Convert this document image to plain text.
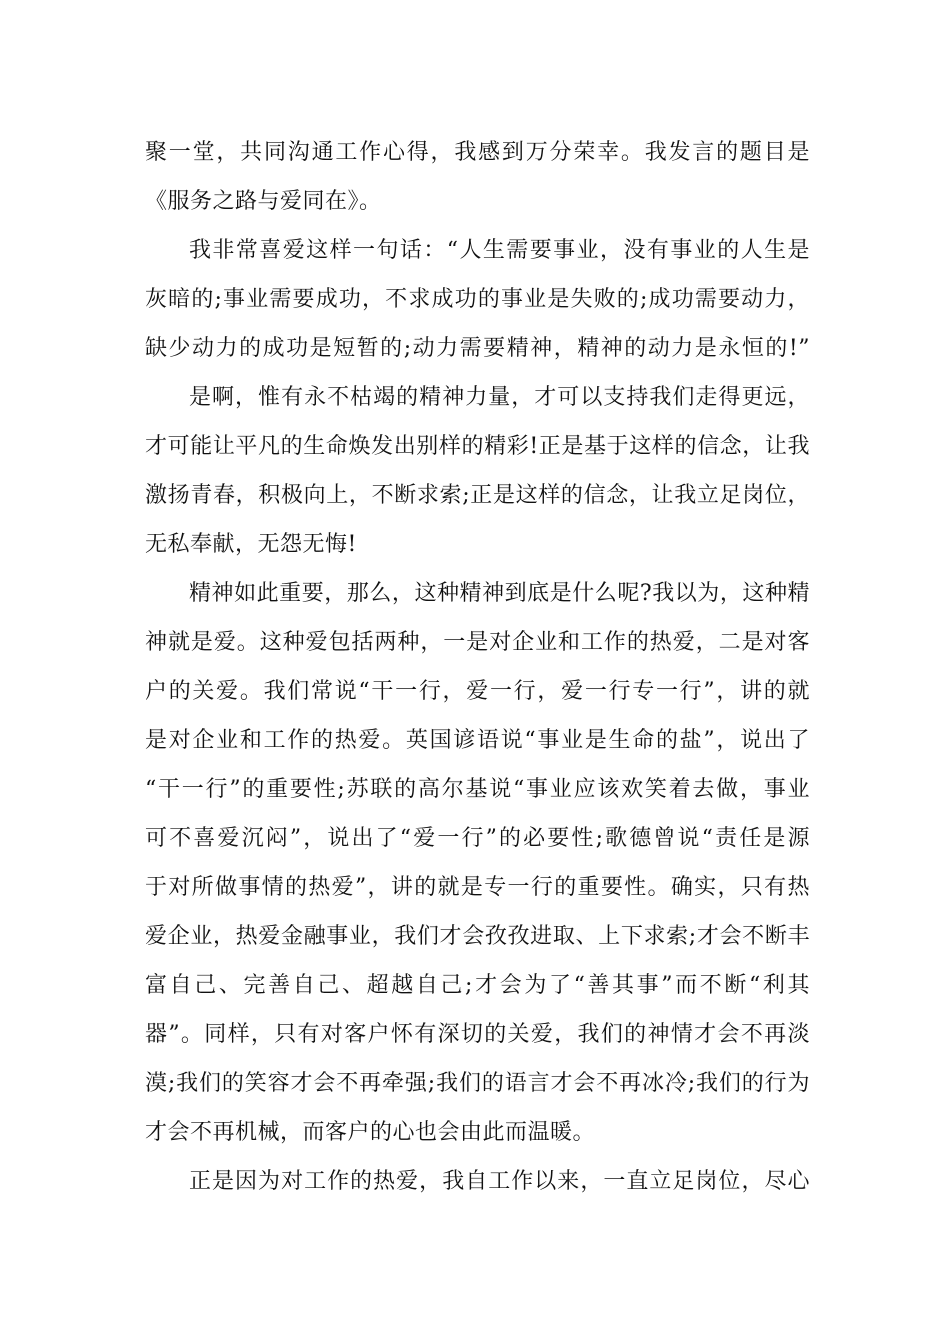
聚一堂，共同沟通工作心得，我感到万分荣幸。我发言的题目是
《服务之路与爱同在》。
我非常喜爱这样一句话：“人生需要事业，没有事业的人生是
灰暗的;事业需要成功，不求成功的事业是失败的;成功需要动力，
缺少动力的成功是短暂的;动力需要精神，精神的动力是永恒的!”
是啊，惟有永不枯竭的精神力量，才可以支持我们走得更远，
才可能让平凡的生命焕发出别样的精彩!正是基于这样的信念，让我
激扬青春，积极向上，不断求索;正是这样的信念，让我立足岗位，
无私奉献，无怨无悔!
精神如此重要，那么，这种精神到底是什么呢?我以为，这种精
神就是爱。这种爱包括两种，一是对企业和工作的热爱，二是对客
户的关爱。我们常说“干一行，爱一行，爱一行专一行”，讲的就
是对企业和工作的热爱。英国谚语说“事业是生命的盐”，说出了
“干一行”的重要性;苏联的高尔基说“事业应该欢笑着去做，事业
可不喜爱沉闷”，说出了“爱一行”的必要性;歌德曾说“责任是源
于对所做事情的热爱”，讲的就是专一行的重要性。确实，只有热
爱企业，热爱金融事业，我们才会孜孜进取、上下求索;才会不断丰
富自己、完善自己、超越自己;才会为了“善其事”而不断“利其
器”。同样，只有对客户怀有深切的关爱，我们的神情才会不再淡
漠;我们的笑容才会不再牵强;我们的语言才会不再冰冷;我们的行为
才会不再机械，而客户的心也会由此而温暖。
正是因为对工作的热爱，我自工作以来，一直立足岗位，尽心
